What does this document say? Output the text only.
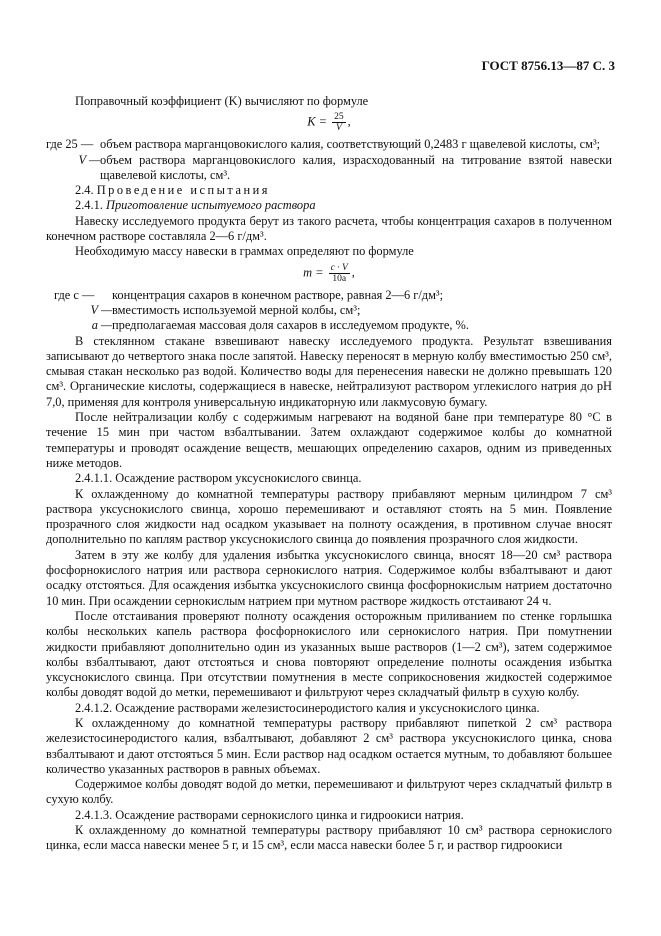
ГОСТ 8756.13—87 С. 3

Поправочный коэффициент (K) вычисляют по формуле

$K = \frac{25}{V}$ ,
где 25 — объем раствора марганцовокислого калия, соответствующий 0,2483 г щавелевой кислоты, см³;
V — объем раствора марганцовокислого калия, израсходованный на титрование взятой навески щавелевой кислоты, см³.

2.4. Проведение испытания

2.4.1. Приготовление испытуемого раствора

Навеску исследуемого продукта берут из такого расчета, чтобы концентрация сахаров в полученном конечном растворе составляла 2—6 г/дм³.

Необходимую массу навески в граммах определяют по формуле

$m = \frac{c \cdot V}{10a}$ ,
где c —	концентрация сахаров в конечном растворе, равная 2—6 г/дм³;
V — вместимость используемой мерной колбы, см³;
a — предполагаемая массовая доля сахаров в исследуемом продукте, %.

В стеклянном стакане взвешивают навеску исследуемого продукта. Результат взвешивания записывают до четвертого знака после запятой. Навеску переносят в мерную колбу вместимостью 250 см³, смывая стакан несколько раз водой. Количество воды для перенесения навески не должно превышать 120 см³. Органические кислоты, содержащиеся в навеске, нейтрализуют раствором углекислого натрия до pH 7,0, применяя для контроля универсальную индикаторную или лакмусовую бумагу.

После нейтрализации колбу с содержимым нагревают на водяной бане при температуре 80 °C в течение 15 мин при частом взбалтывании. Затем охлаждают содержимое колбы до комнатной температуры и проводят осаждение веществ, мешающих определению сахаров, одним из приведенных ниже методов.

2.4.1.1. Осаждение раствором уксуснокислого свинца.

К охлажденному до комнатной температуры раствору прибавляют мерным цилиндром 7 см³ раствора уксуснокислого свинца, хорошо перемешивают и оставляют стоять на 5 мин. Появление прозрачного слоя жидкости над осадком указывает на полноту осаждения, в противном случае вносят дополнительно по каплям раствор уксуснокислого свинца до появления прозрачного слоя жидкости.

Затем в эту же колбу для удаления избытка уксуснокислого свинца, вносят 18—20 см³ раствора фосфорнокислого натрия или раствора сернокислого натрия. Содержимое колбы взбалтывают и дают осадку отстояться. Для осаждения избытка уксуснокислого свинца фосфорнокислым натрием достаточно 10 мин. При осаждении сернокислым натрием при мутном растворе жидкость отстаивают 24 ч.

После отстаивания проверяют полноту осаждения осторожным приливанием по стенке горлышка колбы нескольких капель раствора фосфорнокислого или сернокислого натрия. При помутнении жидкости прибавляют дополнительно один из указанных выше растворов (1—2 см³), затем содержимое колбы взбалтывают, дают отстояться и снова повторяют определение полноты осаждения избытка уксуснокислого свинца. При отсутствии помутнения в месте соприкосновения жидкостей содержимое колбы доводят водой до метки, перемешивают и фильтруют через складчатый фильтр в сухую колбу.

2.4.1.2. Осаждение растворами железистосинеродистого калия и уксуснокислого цинка.

К охлажденному до комнатной температуры раствору прибавляют пипеткой 2 см³ раствора железистосинеродистого калия, взбалтывают, добавляют 2 см³ раствора уксуснокислого цинка, снова взбалтывают и дают отстояться 5 мин. Если раствор над осадком остается мутным, то добавляют большее количество указанных растворов в равных объемах.

Содержимое колбы доводят водой до метки, перемешивают и фильтруют через складчатый фильтр в сухую колбу.

2.4.1.3. Осаждение растворами сернокислого цинка и гидроокиси натрия.

К охлажденному до комнатной температуры раствору прибавляют 10 см³ раствора сернокислого цинка, если масса навески менее 5 г, и 15 см³, если масса навески более 5 г, и раствор гидроокиси
